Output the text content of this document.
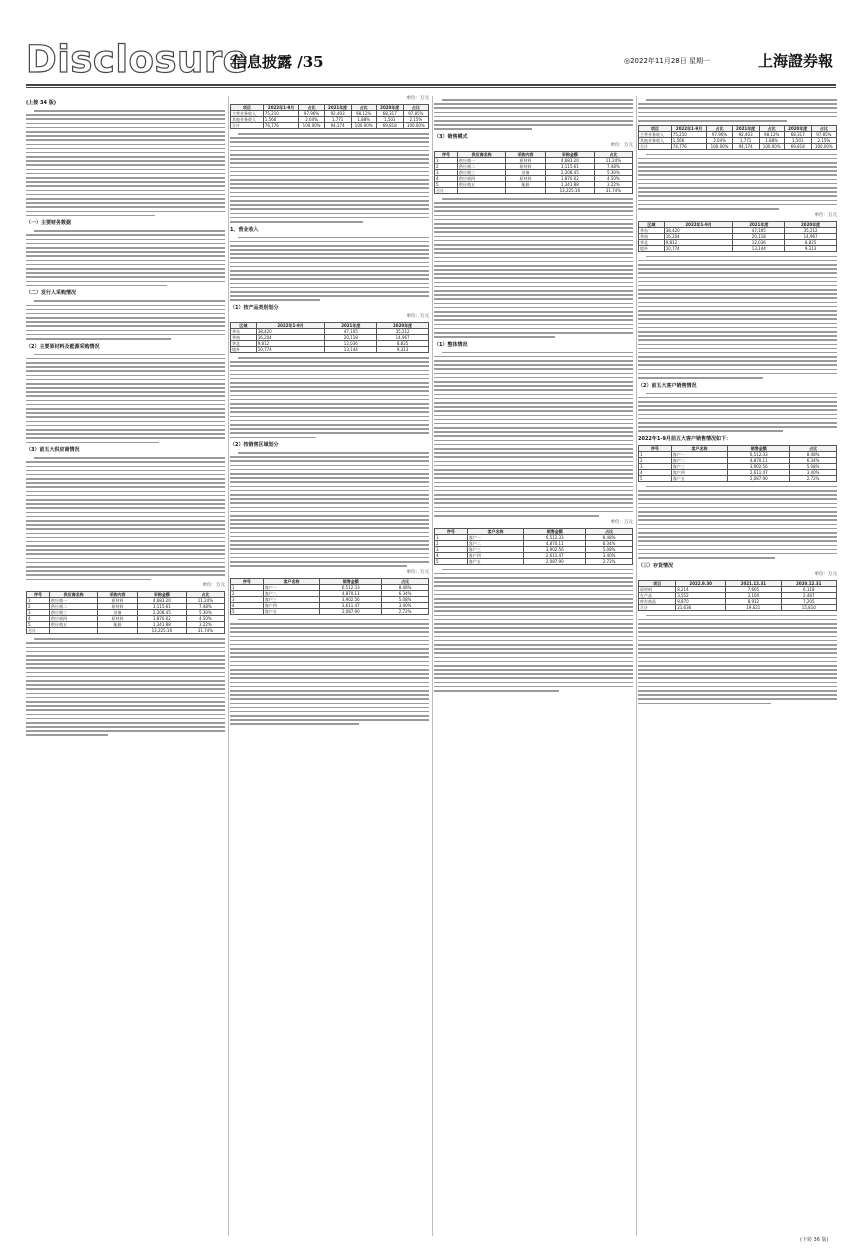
Disclosure
信息披露 /35	◎2022年11月28日 星期一	上海證券報
(上接 34 版)
（一）主要财务数据
（二）发行人采购情况
（2）主要原材料及能源采购情况
（3）前五大供应商情况
单位：万元
序号	供应商名称	采购内容	采购金额	占比
1	供应商一	原材料	4,683.20	11.24%
2	供应商二	原材料	3,115.61	7.48%
3	供应商三	设备	2,208.45	5.30%
4	供应商四	原材料	1,876.02	4.50%
5	供应商五	能源	1,341.88	3.22%
合计			13,225.16	31.74%
单位：万元
项目	2022年1-9月	占比	2021年度	占比	2020年度	占比
主营业务收入	75,210	97.96%	92,403	98.12%	68,317	97.85%
其他业务收入	1,566	2.04%	1,771	1.88%	1,501	2.15%
合计	76,776	100.00%	94,174	100.00%	69,818	100.00%
1、营业收入
（1）按产品类别划分
单位：万元
区域	2022年1-9月	2021年度	2020年度
华东	38,420	47,105	35,212
华南	16,204	20,118	14,967
华北	9,812	12,036	8,825
境外	10,774	13,144	9,313
（2）按销售区域划分
单位：万元
序号	客户名称	销售金额	占比
1	客户一	6,512.33	8.48%
2	客户二	4,870.11	6.34%
3	客户三	3,902.56	5.08%
4	客户四	2,611.47	3.40%
5	客户五	2,087.90	2.72%
（3）销售模式
单位：万元
序号	供应商名称	采购内容	采购金额	占比
1	供应商一	原材料	4,683.20	11.24%
2	供应商二	原材料	3,115.61	7.48%
3	供应商三	设备	2,208.45	5.30%
4	供应商四	原材料	1,876.02	4.50%
5	供应商五	能源	1,341.88	3.22%
合计			13,225.16	31.74%
（1）整体情况
单位：万元
序号	客户名称	销售金额	占比
1	客户一	6,512.33	8.48%
2	客户二	4,870.11	6.34%
3	客户三	3,902.56	5.08%
4	客户四	2,611.47	3.40%
5	客户五	2,087.90	2.72%
项目	2022年1-9月	占比	2021年度	占比	2020年度	占比
主营业务收入	75,210	97.96%	92,403	98.12%	68,317	97.85%
其他业务收入	1,566	2.04%	1,771	1.88%	1,501	2.15%
合计	76,776	100.00%	94,174	100.00%	69,818	100.00%
单位：万元
区域	2022年1-9月	2021年度	2020年度
华东	38,420	47,105	35,212
华南	16,204	20,118	14,967
华北	9,812	12,036	8,825
境外	10,774	13,144	9,313
（2）前五大客户销售情况
2022年1-9月前五大客户销售情况如下：
序号	客户名称	销售金额	占比
1	客户一	6,512.33	8.48%
2	客户二	4,870.11	6.34%
3	客户三	3,902.56	5.08%
4	客户四	2,611.47	3.40%
5	客户五	2,087.90	2.72%
（三）存货情况
单位：万元
项目	2022.9.30	2021.12.31	2020.12.31
原材料	8,214	7,605	6,118
在产品	3,552	3,104	2,487
库存商品	9,870	8,912	7,205
合计	21,636	19,621	15,810
(下转 36 版)
